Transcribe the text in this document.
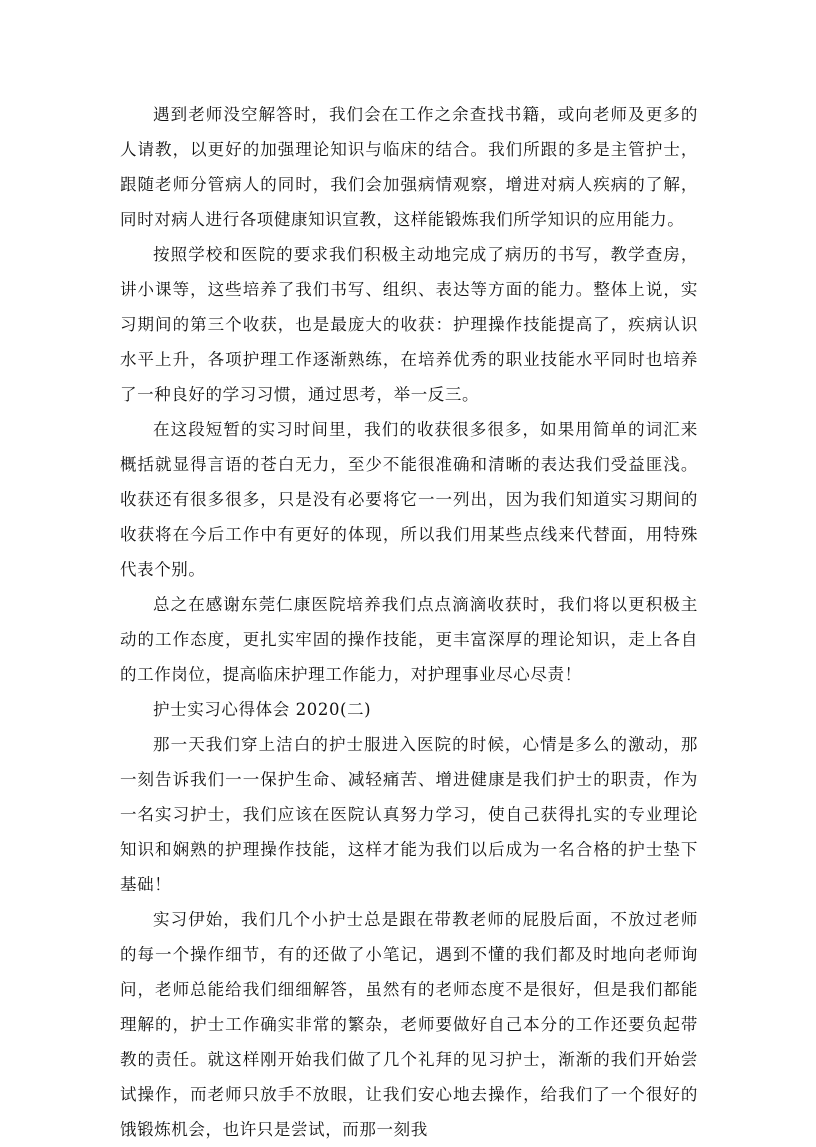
遇到老师没空解答时，我们会在工作之余查找书籍，或向老师及更多的人请教，以更好的加强理论知识与临床的结合。我们所跟的多是主管护士，跟随老师分管病人的同时，我们会加强病情观察，增进对病人疾病的了解，同时对病人进行各项健康知识宣教，这样能锻炼我们所学知识的应用能力。

按照学校和医院的要求我们积极主动地完成了病历的书写，教学查房，讲小课等，这些培养了我们书写、组织、表达等方面的能力。整体上说，实习期间的第三个收获，也是最庞大的收获：护理操作技能提高了，疾病认识水平上升，各项护理工作逐渐熟练，在培养优秀的职业技能水平同时也培养了一种良好的学习习惯，通过思考，举一反三。

在这段短暂的实习时间里，我们的收获很多很多，如果用简单的词汇来概括就显得言语的苍白无力，至少不能很准确和清晰的表达我们受益匪浅。收获还有很多很多，只是没有必要将它一一列出，因为我们知道实习期间的收获将在今后工作中有更好的体现，所以我们用某些点线来代替面，用特殊代表个别。

总之在感谢东莞仁康医院培养我们点点滴滴收获时，我们将以更积极主动的工作态度，更扎实牢固的操作技能，更丰富深厚的理论知识，走上各自的工作岗位，提高临床护理工作能力，对护理事业尽心尽责！

护士实习心得体会 2020(二)

那一天我们穿上洁白的护士服进入医院的时候，心情是多么的激动，那一刻告诉我们一一保护生命、减轻痛苦、增进健康是我们护士的职责，作为一名实习护士，我们应该在医院认真努力学习，使自己获得扎实的专业理论知识和娴熟的护理操作技能，这样才能为我们以后成为一名合格的护士垫下基础！

实习伊始，我们几个小护士总是跟在带教老师的屁股后面，不放过老师的每一个操作细节，有的还做了小笔记，遇到不懂的我们都及时地向老师询问，老师总能给我们细细解答，虽然有的老师态度不是很好，但是我们都能理解的，护士工作确实非常的繁杂，老师要做好自己本分的工作还要负起带教的责任。就这样刚开始我们做了几个礼拜的见习护士，渐渐的我们开始尝试操作，而老师只放手不放眼，让我们安心地去操作，给我们了一个很好的饿锻炼机会，也许只是尝试，而那一刻我
